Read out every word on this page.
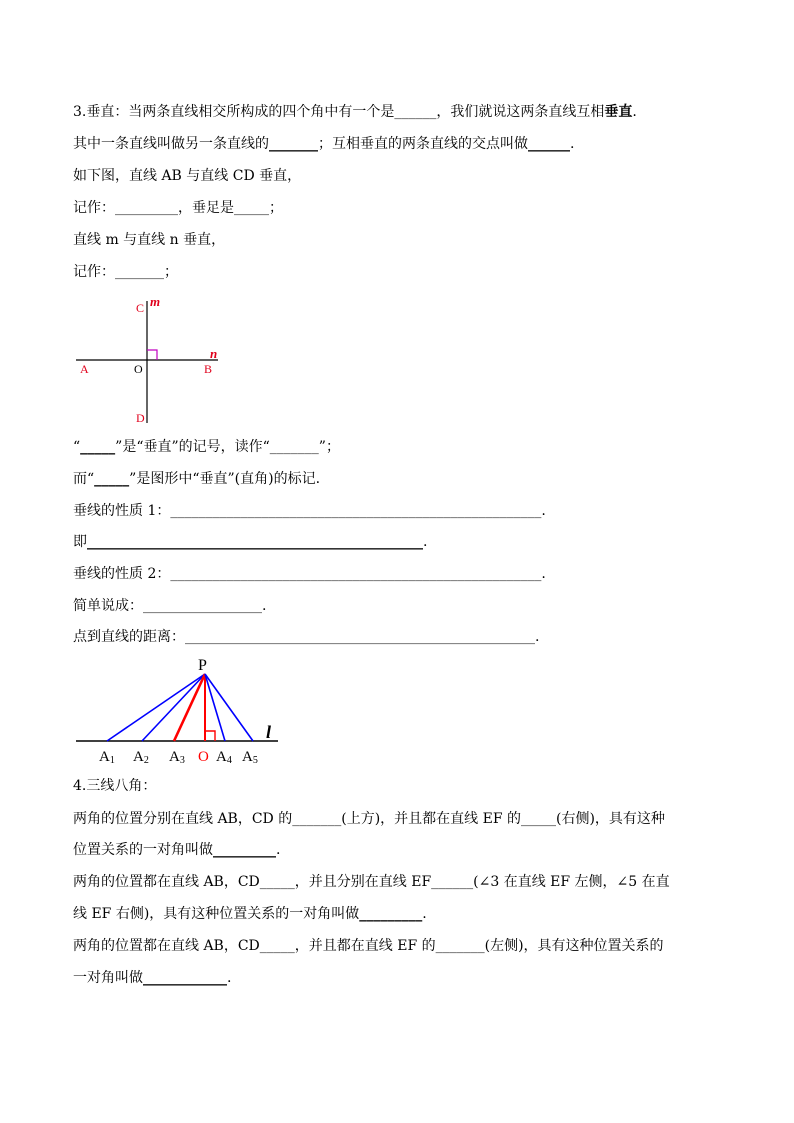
3.垂直：当两条直线相交所构成的四个角中有一个是______，我们就说这两条直线互相垂直.
其中一条直线叫做另一条直线的_______；互相垂直的两条直线的交点叫做______.
如下图，直线 AB 与直线 CD 垂直，
记作：_________，垂足是_____；
直线 m 与直线 n 垂直，
记作：_______；
C m
n
A	O	B
D
“_____”是“垂直”的记号，读作“_______”；
而“_____”是图形中“垂直”(直角)的标记.
垂线的性质 1：_____________________________________________________.
即________________________________________________.
垂线的性质 2：_____________________________________________________.
简单说成：_________________.
点到直线的距离：__________________________________________________.
P
l
A1 A2 A3 O A4 A5
4.三线八角：
两角的位置分别在直线 AB，CD 的_______(上方)，并且都在直线 EF 的_____(右侧)，具有这种
位置关系的一对角叫做_________.
两角的位置都在直线 AB，CD_____，并且分别在直线 EF______(∠3 在直线 EF 左侧，∠5 在直
线 EF 右侧)，具有这种位置关系的一对角叫做_________.
两角的位置都在直线 AB，CD_____，并且都在直线 EF 的_______(左侧)，具有这种位置关系的
一对角叫做____________.
